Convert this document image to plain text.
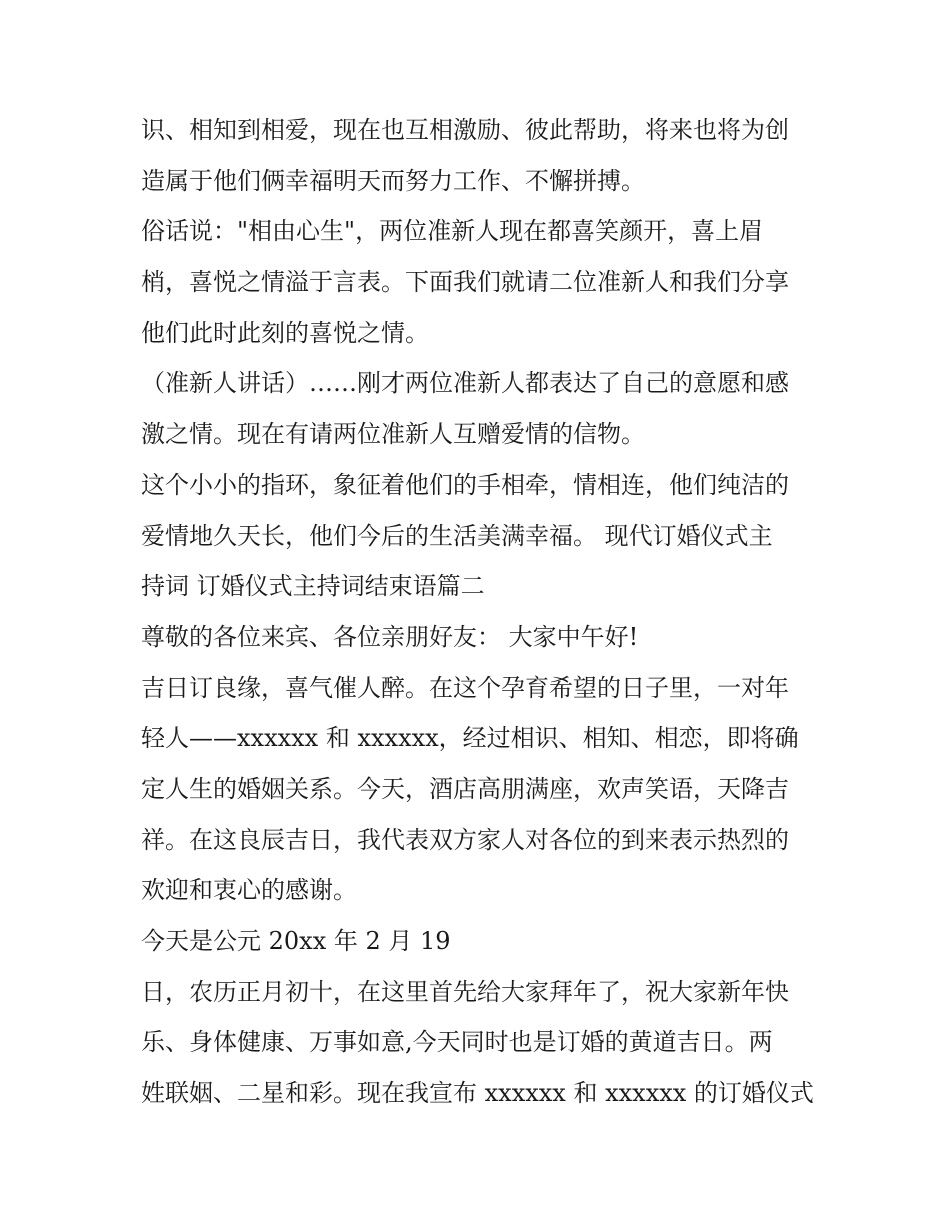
识、相知到相爱，现在也互相激励、彼此帮助，将来也将为创
造属于他们俩幸福明天而努力工作、不懈拼搏。
俗话说："相由心生"，两位准新人现在都喜笑颜开，喜上眉
梢，喜悦之情溢于言表。下面我们就请二位准新人和我们分享
他们此时此刻的喜悦之情。
（准新人讲话）……刚才两位准新人都表达了自己的意愿和感
激之情。现在有请两位准新人互赠爱情的信物。
这个小小的指环，象征着他们的手相牵，情相连，他们纯洁的
爱情地久天长，他们今后的生活美满幸福。 现代订婚仪式主
持词 订婚仪式主持词结束语篇二
尊敬的各位来宾、各位亲朋好友： 大家中午好!
吉日订良缘，喜气催人醉。在这个孕育希望的日子里，一对年
轻人——xxxxxx 和 xxxxxx，经过相识、相知、相恋，即将确
定人生的婚姻关系。今天，酒店高朋满座，欢声笑语，天降吉
祥。在这良辰吉日，我代表双方家人对各位的到来表示热烈的
欢迎和衷心的感谢。
今天是公元 20xx 年 2 月 19
日，农历正月初十，在这里首先给大家拜年了，祝大家新年快
乐、身体健康、万事如意,今天同时也是订婚的黄道吉日。两
姓联姻、二星和彩。现在我宣布 xxxxxx 和 xxxxxx 的订婚仪式
